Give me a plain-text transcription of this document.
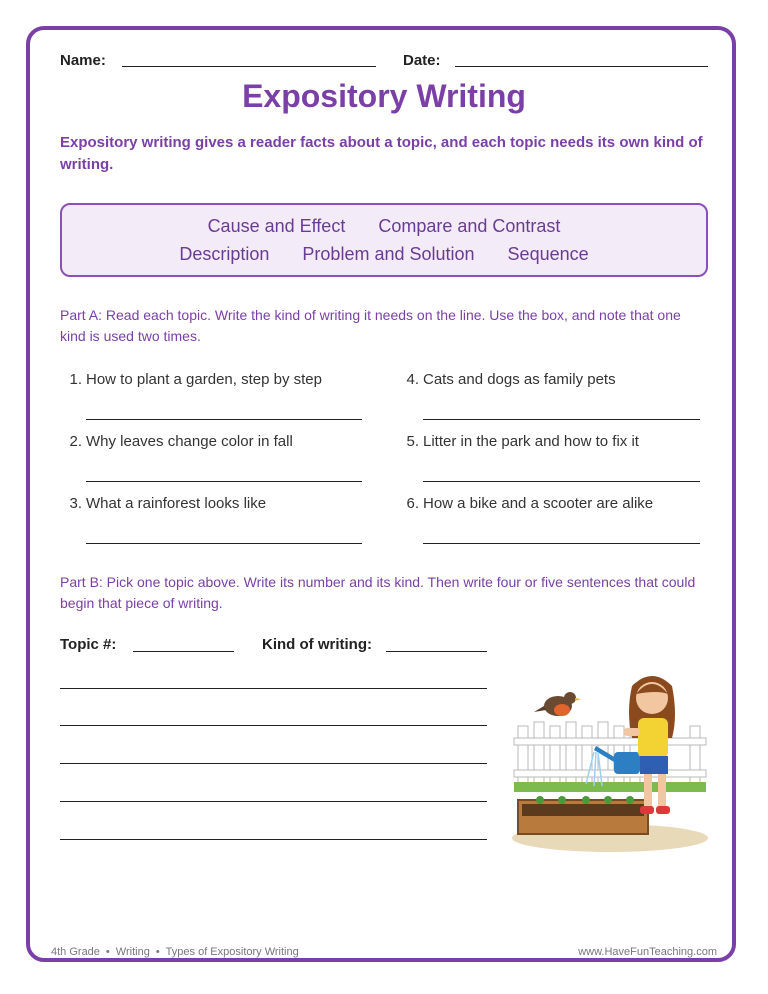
Name:	Date:
Expository Writing
Expository writing gives a reader facts about a topic, and each topic needs its own kind of writing.
Cause and Effect Compare and Contrast
Description Problem and Solution Sequence
Part A: Read each topic. Write the kind of writing it needs on the line. Use the box, and note that one kind is used two times.
1. How to plant a garden, step by step
2. Why leaves change color in fall
3. What a rainforest looks like
4. Cats and dogs as family pets
5. Litter in the park and how to fix it
6. How a bike and a scooter are alike
Part B: Pick one topic above. Write its number and its kind. Then write four or five sentences that could begin that piece of writing.
Topic #:	Kind of writing:
4th Grade • Writing • Types of Expository Writing	www.HaveFunTeaching.com
